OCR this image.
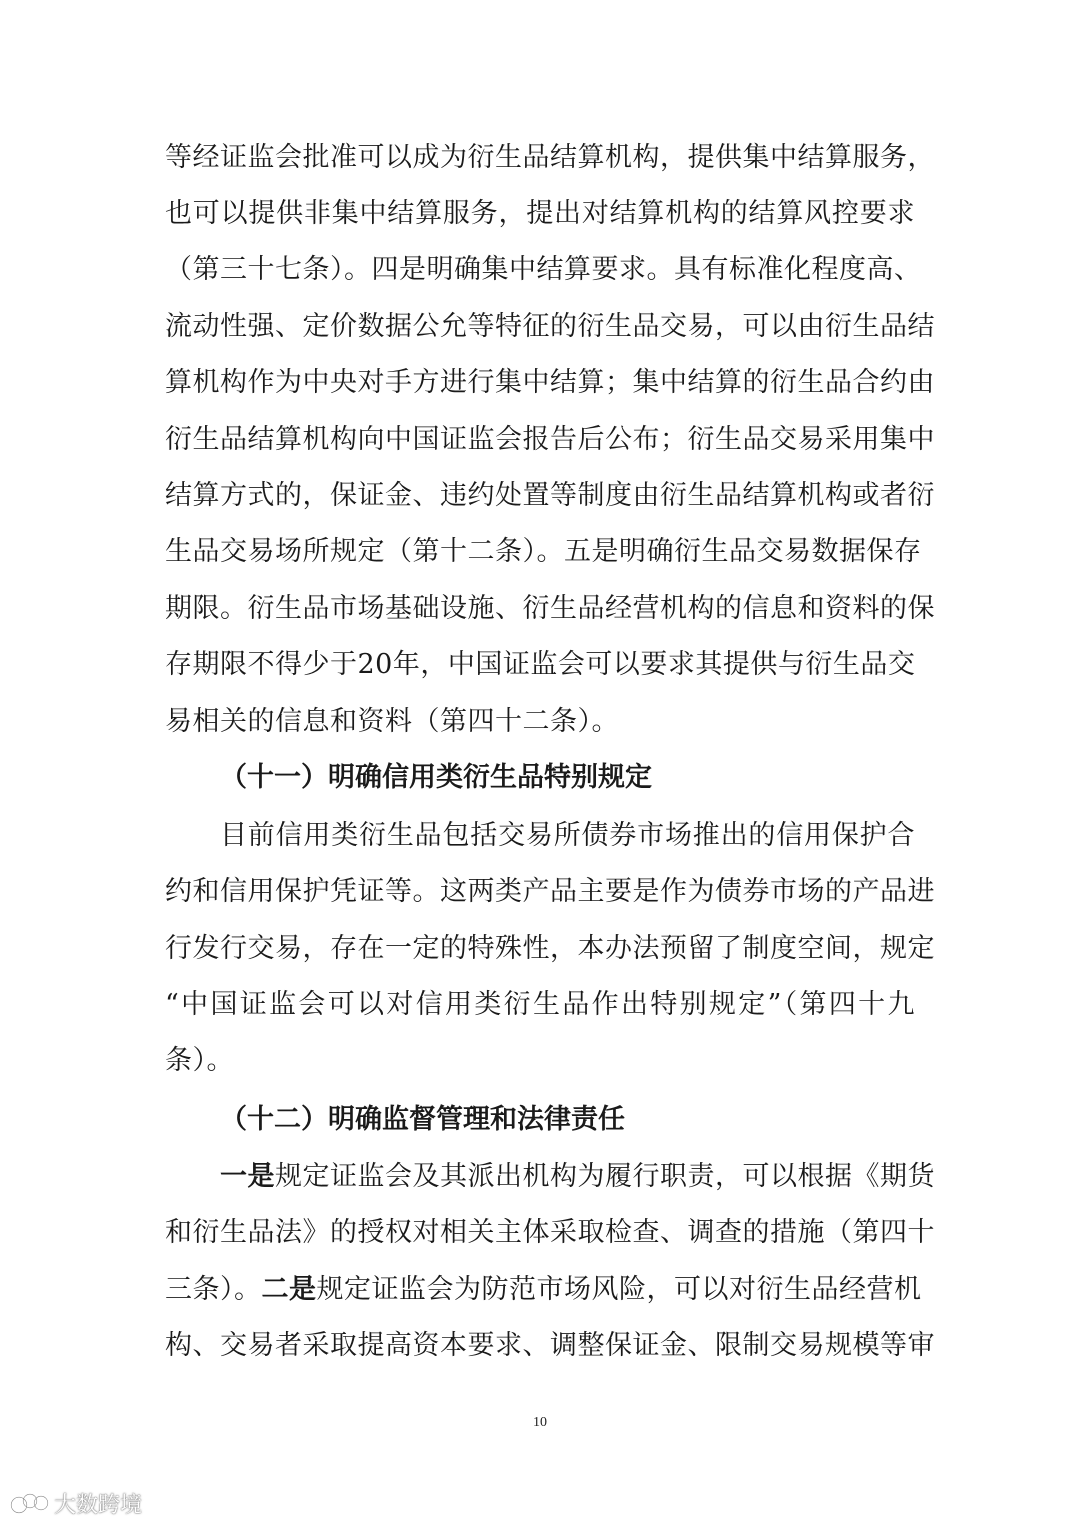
等经证监会批准可以成为衍生品结算机构，提供集中结算服务，
也可以提供非集中结算服务，提出对结算机构的结算风控要求
（第三十七条）。四是明确集中结算要求。具有标准化程度高、
流动性强、定价数据公允等特征的衍生品交易，可以由衍生品结
算机构作为中央对手方进行集中结算；集中结算的衍生品合约由
衍生品结算机构向中国证监会报告后公布；衍生品交易采用集中
结算方式的，保证金、违约处置等制度由衍生品结算机构或者衍
生品交易场所规定（第十二条）。五是明确衍生品交易数据保存
期限。衍生品市场基础设施、衍生品经营机构的信息和资料的保
存期限不得少于20年，中国证监会可以要求其提供与衍生品交
易相关的信息和资料（第四十二条）。
（十一）明确信用类衍生品特别规定
目前信用类衍生品包括交易所债券市场推出的信用保护合
约和信用保护凭证等。这两类产品主要是作为债券市场的产品进
行发行交易，存在一定的特殊性，本办法预留了制度空间，规定
“中国证监会可以对信用类衍生品作出特别规定”（第四十九
条）。
（十二）明确监督管理和法律责任
一是规定证监会及其派出机构为履行职责，可以根据《期货
和衍生品法》的授权对相关主体采取检查、调查的措施（第四十
三条）。二是规定证监会为防范市场风险，可以对衍生品经营机
构、交易者采取提高资本要求、调整保证金、限制交易规模等审
10
大数跨境
